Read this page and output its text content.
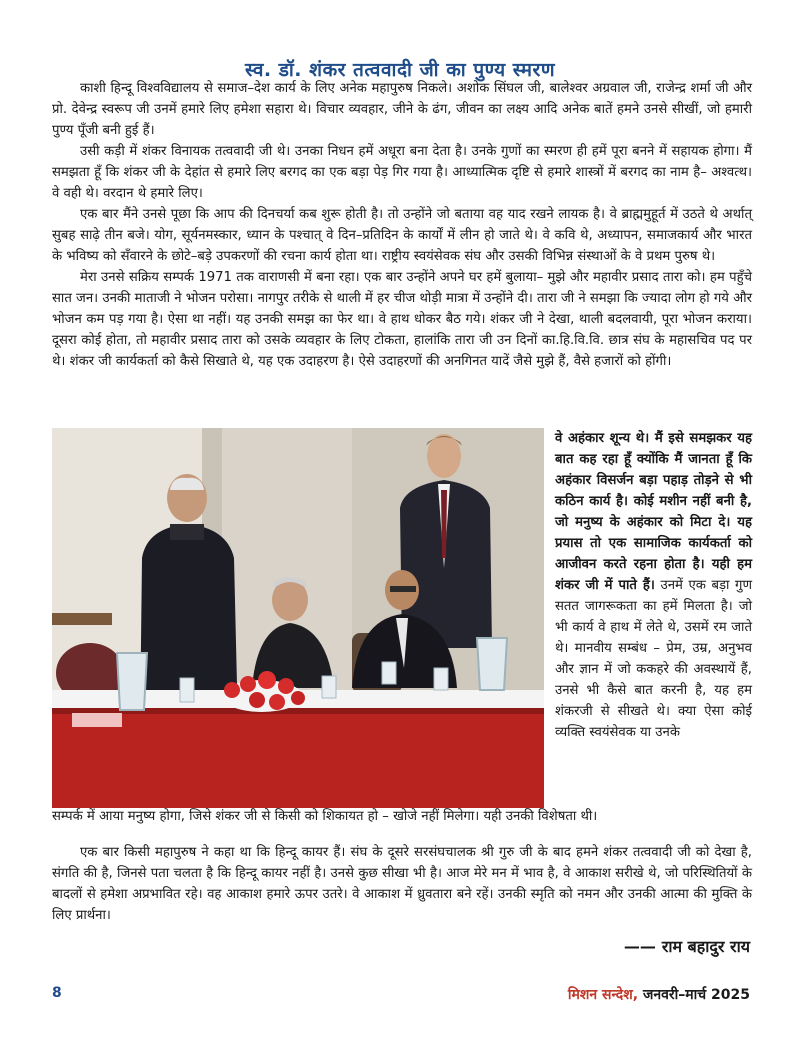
स्व. डॉ. शंकर तत्ववादी जी का पुण्य स्मरण

काशी हिन्दू विश्वविद्यालय से समाज–देश कार्य के लिए अनेक महापुरुष निकले। अशोक सिंघल जी, बालेश्वर अग्रवाल जी, राजेन्द्र शर्मा जी और प्रो. देवेन्द्र स्वरूप जी उनमें हमारे लिए हमेशा सहारा थे। विचार व्यवहार, जीने के ढंग, जीवन का लक्ष्य आदि अनेक बातें हमने उनसे सीखीं, जो हमारी पुण्य पूँजी बनी हुई हैं।

उसी कड़ी में शंकर विनायक तत्ववादी जी थे। उनका निधन हमें अधूरा बना देता है। उनके गुणों का स्मरण ही हमें पूरा बनने में सहायक होगा। मैं समझता हूँ कि शंकर जी के देहांत से हमारे लिए बरगद का एक बड़ा पेड़ गिर गया है। आध्यात्मिक दृष्टि से हमारे शास्त्रों में बरगद का नाम है– अश्वत्थ। वे वही थे। वरदान थे हमारे लिए।

एक बार मैंने उनसे पूछा कि आप की दिनचर्या कब शुरू होती है। तो उन्होंने जो बताया वह याद रखने लायक है। वे ब्राह्ममुहूर्त में उठते थे अर्थात् सुबह साढ़े तीन बजे। योग, सूर्यनमस्कार, ध्यान के पश्चात् वे दिन–प्रतिदिन के कार्यों में लीन हो जाते थे। वे कवि थे, अध्यापन, समाजकार्य और भारत के भविष्य को सँवारने के छोटे–बड़े उपकरणों की रचना कार्य होता था। राष्ट्रीय स्वयंसेवक संघ और उसकी विभिन्न संस्थाओं के वे प्रथम पुरुष थे।

मेरा उनसे सक्रिय सम्पर्क 1971 तक वाराणसी में बना रहा। एक बार उन्होंने अपने घर हमें बुलाया– मुझे और महावीर प्रसाद तारा को। हम पहुँचे सात जन। उनकी माताजी ने भोजन परोसा। नागपुर तरीके से थाली में हर चीज थोड़ी मात्रा में उन्होंने दी। तारा जी ने समझा कि ज्यादा लोग हो गये और भोजन कम पड़ गया है। ऐसा था नहीं। यह उनकी समझ का फेर था। वे हाथ धोकर बैठ गये। शंकर जी ने देखा, थाली बदलवायी, पूरा भोजन कराया। दूसरा कोई होता, तो महावीर प्रसाद तारा को उसके व्यवहार के लिए टोकता, हालांकि तारा जी उन दिनों का.हि.वि.वि. छात्र संघ के महासचिव पद पर थे। शंकर जी कार्यकर्ता को कैसे सिखाते थे, यह एक उदाहरण है। ऐसे उदाहरणों की अनगिनत यादें जैसे मुझे हैं, वैसे हजारों को होंगी।

वे अहंकार शून्य थे। मैं इसे समझकर यह बात कह रहा हूँ क्योंकि मैं जानता हूँ कि अहंकार विसर्जन बड़ा पहाड़ तोड़ने से भी कठिन कार्य है। कोई मशीन नहीं बनी है, जो मनुष्य के अहंकार को मिटा दे। यह प्रयास तो एक सामाजिक कार्यकर्ता को आजीवन करते रहना होता है। यही हम शंकर जी में पाते हैं। उनमें एक बड़ा गुण सतत जागरूकता का हमें मिलता है। जो भी कार्य वे हाथ में लेते थे, उसमें रम जाते थे। मानवीय सम्बंध – प्रेम, उम्र, अनुभव और ज्ञान में जो ककहरे की अवस्थायें हैं, उनसे भी कैसे बात करनी है, यह हम शंकरजी से सीखते थे। क्या ऐसा कोई व्यक्ति स्वयंसेवक या उनके
सम्पर्क में आया मनुष्य होगा, जिसे शंकर जी से किसी को शिकायत हो – खोजे नहीं मिलेगा। यही उनकी विशेषता थी।

एक बार किसी महापुरुष ने कहा था कि हिन्दू कायर हैं। संघ के दूसरे सरसंघचालक श्री गुरु जी के बाद हमने शंकर तत्ववादी जी को देखा है, संगति की है, जिनसे पता चलता है कि हिन्दू कायर नहीं है। उनसे कुछ सीखा भी है। आज मेरे मन में भाव है, वे आकाश सरीखे थे, जो परिस्थितियों के बादलों से हमेशा अप्रभावित रहे। वह आकाश हमारे ऊपर उतरे। वे आकाश में ध्रुवतारा बने रहें। उनकी स्मृति को नमन और उनकी आत्मा की मुक्ति के लिए प्रार्थना।

—— राम बहादुर राय
8	मिशन सन्देश, जनवरी–मार्च 2025
